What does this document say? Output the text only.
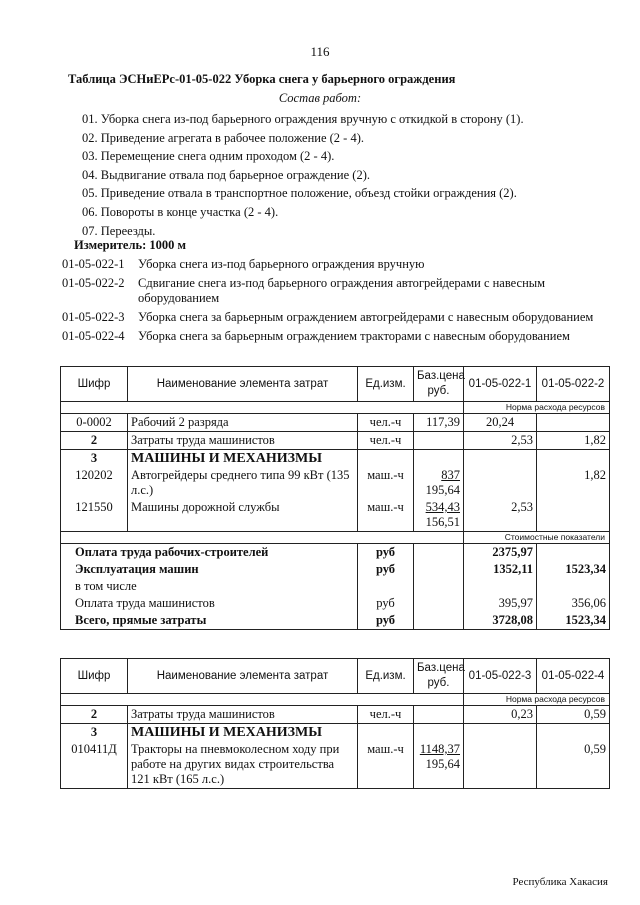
116
Таблица ЭСНиЕРс-01-05-022 Уборка снега у барьерного ограждения
Состав работ:
01. Уборка снега из-под барьерного ограждения вручную с откидкой в сторону (1).
02. Приведение агрегата в рабочее положение (2 - 4).
03. Перемещение снега одним проходом (2 - 4).
04. Выдвигание отвала под барьерное ограждение (2).
05. Приведение отвала в транспортное положение, объезд стойки ограждения (2).
06. Повороты в конце участка (2 - 4).
07. Переезды.
Измеритель: 1000 м
01-05-022-1	Уборка снега из-под барьерного ограждения вручную
01-05-022-2	Сдвигание снега из-под барьерного ограждения автогрейдерами с навесным оборудованием
01-05-022-3	Уборка снега за барьерным ограждением автогрейдерами с навесным оборудованием
01-05-022-4	Уборка снега за барьерным ограждением тракторами с навесным оборудованием
Шифр	Наименование элемента затрат	Ед.изм.	Баз.цена руб.	01-05-022-1	01-05-022-2
				Норма расхода ресурсов	
0-0002	Рабочий 2 разряда	чел.-ч	117,39	20,24	
2	Затраты труда машинистов	чел.-ч		2,53	1,82
3	МАШИНЫ И МЕХАНИЗМЫ				
120202	Автогрейдеры среднего типа 99 кВт (135 л.с.)	маш.-ч	837
195,64		1,82
121550	Машины дорожной службы	маш.-ч	534,43
156,51	2,53	
				Стоимостные показатели	
Оплата труда рабочих-строителей		руб		2375,97	
Эксплуатация машин		руб		1352,11	1523,34
в том числе					
Оплата труда машинистов		руб		395,97	356,06
Всего, прямые затраты		руб		3728,08	1523,34
Шифр	Наименование элемента затрат	Ед.изм.	Баз.цена руб.	01-05-022-3	01-05-022-4
				Норма расхода ресурсов	
2	Затраты труда машинистов	чел.-ч		0,23	0,59
3	МАШИНЫ И МЕХАНИЗМЫ				
010411Д	Тракторы на пневмоколесном ходу при работе на других видах строительства 121 кВт (165 л.с.)	маш.-ч	1148,37
195,64		0,59
Республика Хакасия
